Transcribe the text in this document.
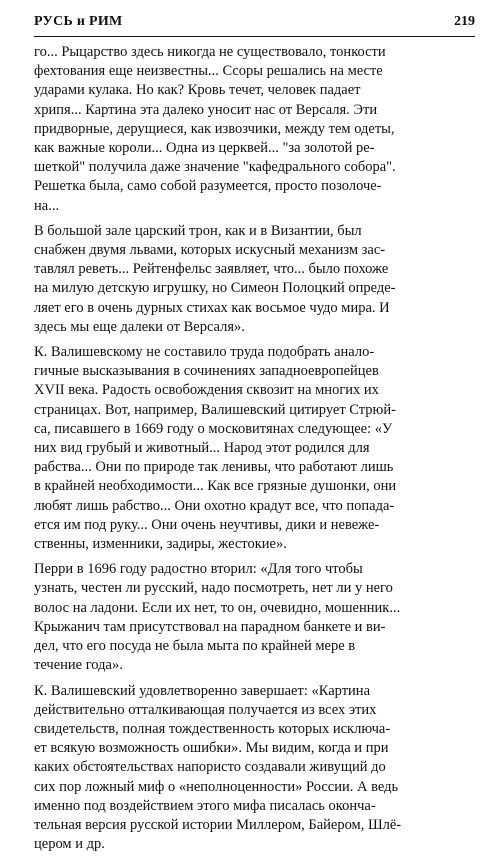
РУСЬ и РИМ	219

го... Рыцарство здесь никогда не существовало, тонкости
фехтования еще неизвестны... Ссоры решались на месте
ударами кулака. Но как? Кровь течет, человек падает
хрипя... Картина эта далеко уносит нас от Версаля. Эти
придворные, дерущиеся, как извозчики, между тем одеты,
как важные короли... Одна из церквей... "за золотой ре-
шеткой" получила даже значение "кафедрального собора".
Решетка была, само собой разумеется, просто позолоче-
на...

В большой зале царский трон, как и в Византии, был
снабжен двумя львами, которых искусный механизм зас-
тавлял реветь... Рейтенфельс заявляет, что... было похоже
на милую детскую игрушку, но Симеон Полоцкий опреде-
ляет его в очень дурных стихах как восьмое чудо мира. И
здесь мы еще далеки от Версаля».

К. Валишевскому не составило труда подобрать анало-
гичные высказывания в сочинениях западноевропейцев
XVII века. Радость освобождения сквозит на многих их
страницах. Вот, например, Валишевский цитирует Стрюй-
са, писавшего в 1669 году о московитянах следующее: «У
них вид грубый и животный... Народ этот родился для
рабства... Они по природе так ленивы, что работают лишь
в крайней необходимости... Как все грязные душонки, они
любят лишь рабство... Они охотно крадут все, что попада-
ется им под руку... Они очень неучтивы, дики и невеже-
ственны, изменники, задиры, жестокие».

Перри в 1696 году радостно вторил: «Для того чтобы
узнать, честен ли русский, надо посмотреть, нет ли у него
волос на ладони. Если их нет, то он, очевидно, мошенник...
Крыжанич там присутствовал на парадном банкете и ви-
дел, что его посуда не была мыта по крайней мере в
течение года».

К. Валишевский удовлетворенно завершает: «Картина
действительно отталкивающая получается из всех этих
свидетельств, полная тождественность которых исключа-
ет всякую возможность ошибки». Мы видим, когда и при
каких обстоятельствах напористо создавали живущий до
сих пор ложный миф о «неполноценности» России. А ведь
именно под воздействием этого мифа писалась оконча-
тельная версия русской истории Миллером, Байером, Шлё-
цером и др.
